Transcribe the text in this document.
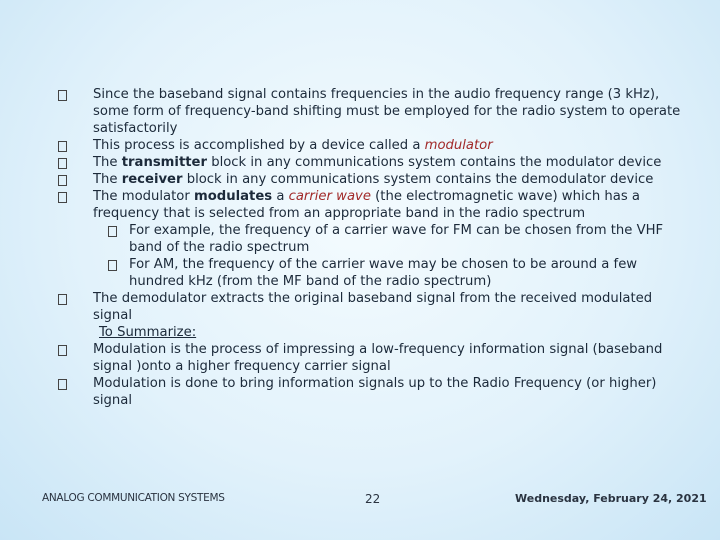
Since the baseband signal contains frequencies in the audio frequency range (3 kHz), some form of frequency-band shifting must be employed for the radio system to operate satisfactorily
This process is accomplished by a device called a modulator
The transmitter block in any communications system contains the modulator device
The receiver block in any communications system contains the demodulator device
The modulator modulates a carrier wave (the electromagnetic wave) which has a frequency that is selected from an appropriate band in the radio spectrum
For example, the frequency of a carrier wave for FM can be chosen from the VHF band of the radio spectrum
For AM, the frequency of the carrier wave may be chosen to be around a few hundred kHz (from the MF band of the radio spectrum)
The demodulator extracts the original baseband signal from the received modulated signal
To Summarize:
Modulation is the process of impressing a low-frequency information signal (baseband signal )onto a higher frequency carrier signal
Modulation is done to bring information signals up to the Radio Frequency (or higher) signal
ANALOG COMMUNICATION SYSTEMS	22	Wednesday, February 24, 2021
